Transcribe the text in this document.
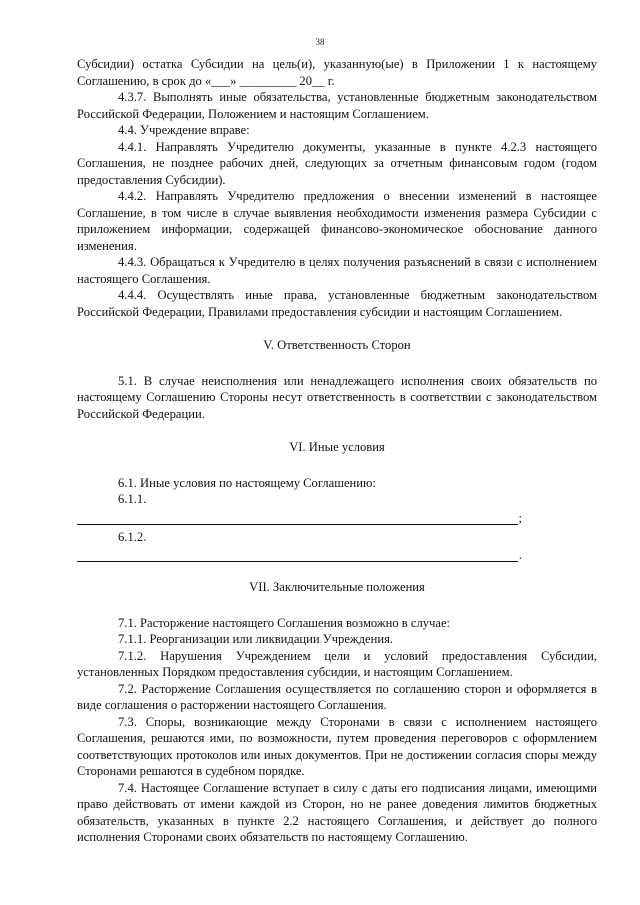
38

Субсидии) остатка Субсидии на цель(и), указанную(ые) в Приложении 1 к настоящему Соглашению, в срок до «___» _________ 20__ г.

4.3.7. Выполнять иные обязательства, установленные бюджетным законодательством Российской Федерации, Положением и настоящим Соглашением.

4.4. Учреждение вправе:

4.4.1. Направлять Учредителю документы, указанные в пункте 4.2.3 настоящего Соглашения, не позднее рабочих дней, следующих за отчетным финансовым годом (годом предоставления Субсидии).

4.4.2. Направлять Учредителю предложения о внесении изменений в настоящее Соглашение, в том числе в случае выявления необходимости изменения размера Субсидии с приложением информации, содержащей финансово-экономическое обоснование данного изменения.

4.4.3. Обращаться к Учредителю в целях получения разъяснений в связи с исполнением настоящего Соглашения.

4.4.4. Осуществлять иные права, установленные бюджетным законодательством Российской Федерации, Правилами предоставления субсидии и настоящим Соглашением.

V. Ответственность Сторон

5.1. В случае неисполнения или ненадлежащего исполнения своих обязательств по настоящему Соглашению Стороны несут ответственность в соответствии с законодательством Российской Федерации.

VI. Иные условия

6.1. Иные условия по настоящему Соглашению:

6.1.1.

;

6.1.2.

.

VII. Заключительные положения

7.1. Расторжение настоящего Соглашения возможно в случае:

7.1.1. Реорганизации или ликвидации Учреждения.

7.1.2. Нарушения Учреждением цели и условий предоставления Субсидии, установленных Порядком предоставления субсидии, и настоящим Соглашением.

7.2. Расторжение Соглашения осуществляется по соглашению сторон и оформляется в виде соглашения о расторжении настоящего Соглашения.

7.3. Споры, возникающие между Сторонами в связи с исполнением настоящего Соглашения, решаются ими, по возможности, путем проведения переговоров с оформлением соответствующих протоколов или иных документов. При не достижении согласия споры между Сторонами решаются в судебном порядке.

7.4. Настоящее Соглашение вступает в силу с даты его подписания лицами, имеющими право действовать от имени каждой из Сторон, но не ранее доведения лимитов бюджетных обязательств, указанных в пункте 2.2 настоящего Соглашения, и действует до полного исполнения Сторонами своих обязательств по настоящему Соглашению.
